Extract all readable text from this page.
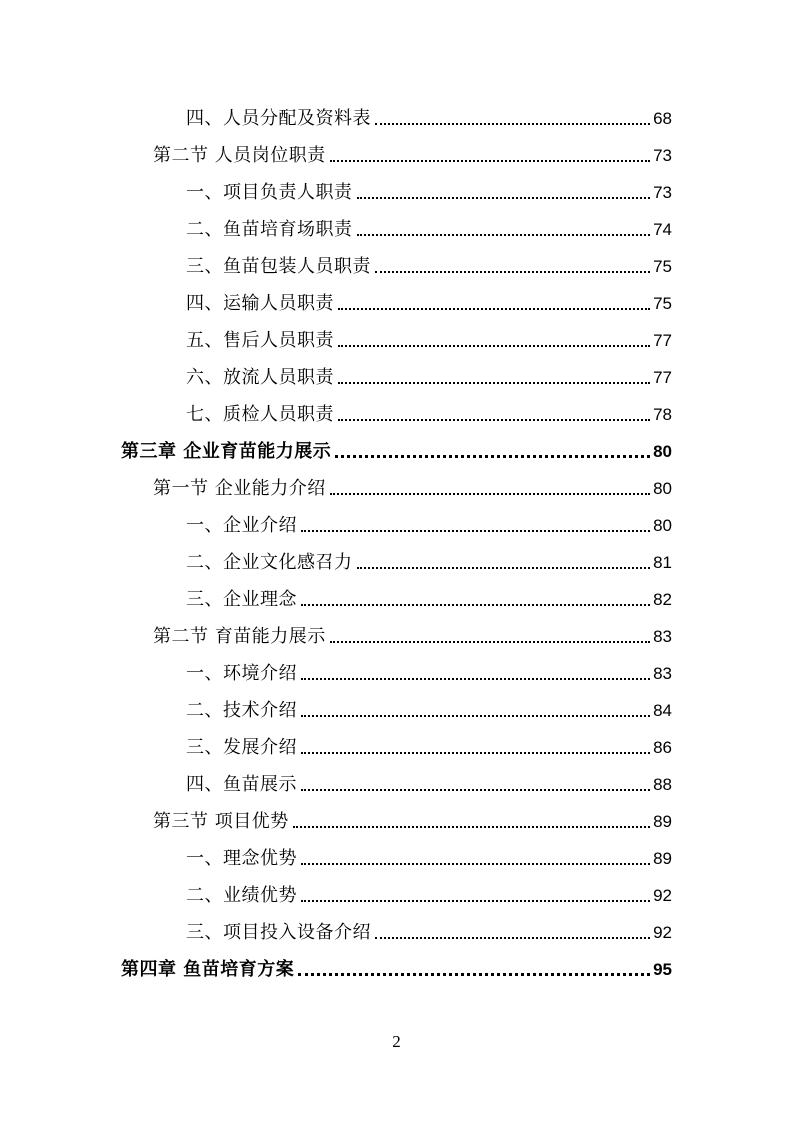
四、人员分配及资料表	68
第二节 人员岗位职责	73
一、项目负责人职责	73
二、鱼苗培育场职责	74
三、鱼苗包装人员职责	75
四、运输人员职责	75
五、售后人员职责	77
六、放流人员职责	77
七、质检人员职责	78
第三章 企业育苗能力展示	80
第一节 企业能力介绍	80
一、企业介绍	80
二、企业文化感召力	81
三、企业理念	82
第二节 育苗能力展示	83
一、环境介绍	83
二、技术介绍	84
三、发展介绍	86
四、鱼苗展示	88
第三节 项目优势	89
一、理念优势	89
二、业绩优势	92
三、项目投入设备介绍	92
第四章 鱼苗培育方案	95
2
